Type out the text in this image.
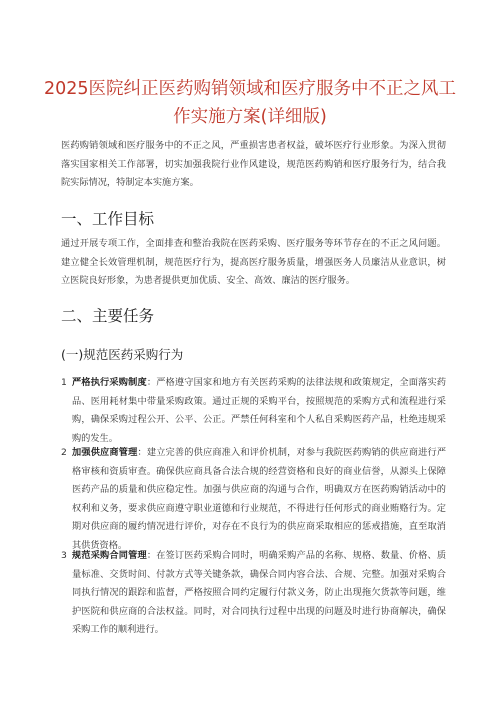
2025医院纠正医药购销领域和医疗服务中不正之风工作实施方案(详细版)

医药购销领域和医疗服务中的不正之风，严重损害患者权益，破坏医疗行业形象。为深入贯彻落实国家相关工作部署，切实加强我院行业作风建设，规范医药购销和医疗服务行为，结合我院实际情况，特制定本实施方案。

一、工作目标

通过开展专项工作，全面排查和整治我院在医药采购、医疗服务等环节存在的不正之风问题。建立健全长效管理机制，规范医疗行为，提高医疗服务质量，增强医务人员廉洁从业意识，树立医院良好形象，为患者提供更加优质、安全、高效、廉洁的医疗服务。

二、主要任务
(一)规范医药采购行为
1 严格执行采购制度：严格遵守国家和地方有关医药采购的法律法规和政策规定，全面落实药品、医用耗材集中带量采购政策。通过正规的采购平台，按照规范的采购方式和流程进行采购，确保采购过程公开、公平、公正。严禁任何科室和个人私自采购医药产品，杜绝违规采购的发生。

2 加强供应商管理：建立完善的供应商准入和评价机制，对参与我院医药购销的供应商进行严格审核和资质审查。确保供应商具备合法合规的经营资格和良好的商业信誉，从源头上保障医药产品的质量和供应稳定性。加强与供应商的沟通与合作，明确双方在医药购销活动中的权利和义务，要求供应商遵守职业道德和行业规范，不得进行任何形式的商业贿赂行为。定期对供应商的履约情况进行评价，对存在不良行为的供应商采取相应的惩戒措施，直至取消其供货资格。

3 规范采购合同管理：在签订医药采购合同时，明确采购产品的名称、规格、数量、价格、质量标准、交货时间、付款方式等关键条款，确保合同内容合法、合规、完整。加强对采购合同执行情况的跟踪和监督，严格按照合同约定履行付款义务，防止出现拖欠货款等问题，维护医院和供应商的合法权益。同时，对合同执行过程中出现的问题及时进行协商解决，确保采购工作的顺利进行。
